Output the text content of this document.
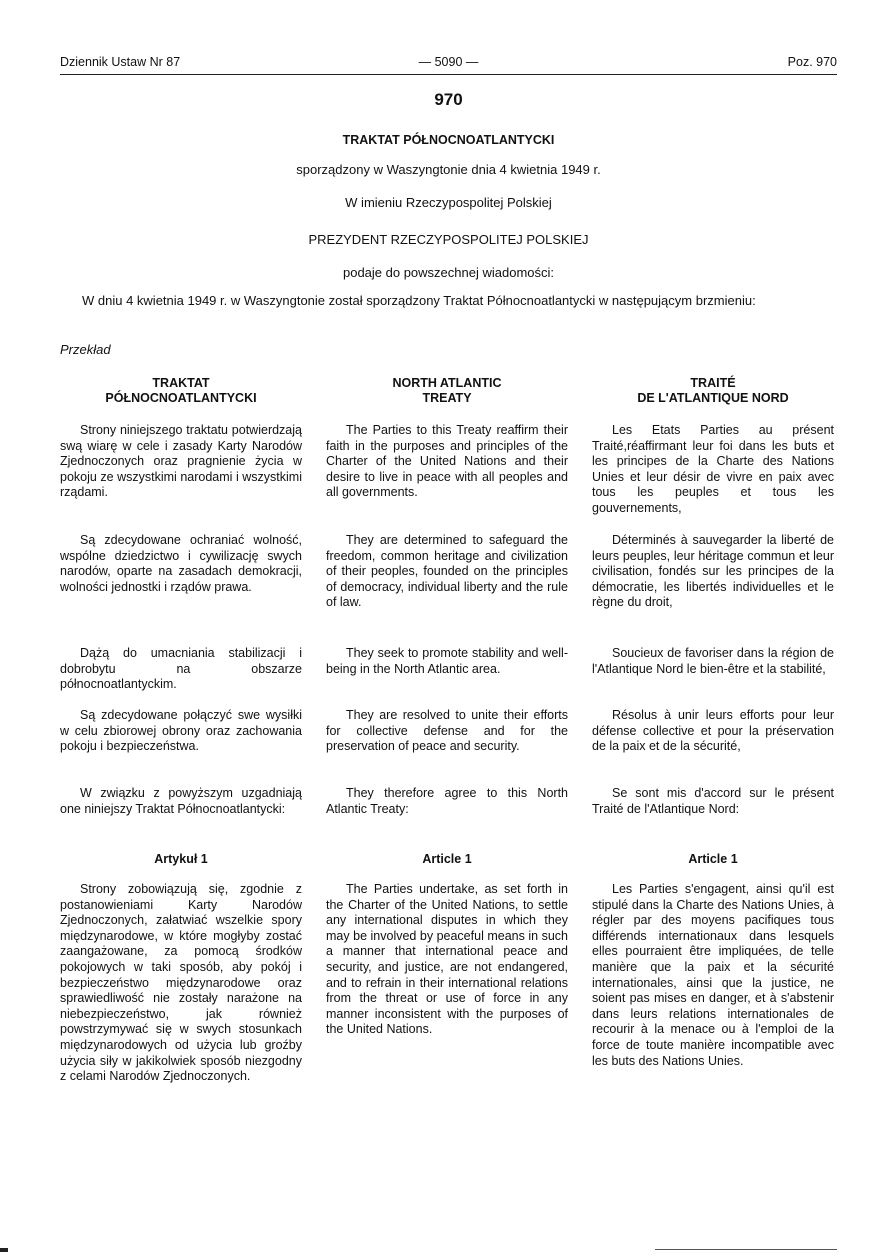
Dziennik Ustaw Nr 87	— 5090 —	Poz. 970
970
TRAKTAT PÓŁNOCNOATLANTYCKI
sporządzony w Waszyngtonie dnia 4 kwietnia 1949 r.
W imieniu Rzeczypospolitej Polskiej
PREZYDENT RZECZYPOSPOLITEJ POLSKIEJ
podaje do powszechnej wiadomości:
W dniu 4 kwietnia 1949 r. w Waszyngtonie został sporządzony Traktat Północnoatlantycki w następującym brzmieniu:
Przekład
TRAKTAT
PÓŁNOCNOATLANTYCKI

Strony niniejszego traktatu potwierdzają swą wiarę w cele i zasady Karty Narodów Zjednoczonych oraz pragnienie życia w pokoju ze wszystkimi narodami i wszystkimi rządami.

Są zdecydowane ochraniać wolność, wspólne dziedzictwo i cywilizację swych narodów, oparte na zasadach demokracji, wolności jednostki i rządów prawa.

Dążą do umacniania stabilizacji i dobrobytu na obszarze północnoatlantyckim.

Są zdecydowane połączyć swe wysiłki w celu zbiorowej obrony oraz zachowania pokoju i bezpieczeństwa.

W związku z powyższym uzgadniają one niniejszy Traktat Północnoatlantycki:

Artykuł 1

Strony zobowiązują się, zgodnie z postanowieniami Karty Narodów Zjednoczonych, załatwiać wszelkie spory międzynarodowe, w które mogłyby zostać zaangażowane, za pomocą środków pokojowych w taki sposób, aby pokój i bezpieczeństwo międzynarodowe oraz sprawiedliwość nie zostały narażone na niebezpieczeństwo, jak również powstrzymywać się w swych stosunkach międzynarodowych od użycia lub groźby użycia siły w jakikolwiek sposób niezgodny z celami Narodów Zjednoczonych.

NORTH ATLANTIC
TREATY

The Parties to this Treaty reaffirm their faith in the purposes and principles of the Charter of the United Nations and their desire to live in peace with all peoples and all governments.

They are determined to safeguard the freedom, common heritage and civilization of their peoples, founded on the principles of democracy, individual liberty and the rule of law.

They seek to promote stability and well-being in the North Atlantic area.

They are resolved to unite their efforts for collective defense and for the preservation of peace and security.

They therefore agree to this North Atlantic Treaty:

Article 1

The Parties undertake, as set forth in the Charter of the United Nations, to settle any international disputes in which they may be involved by peaceful means in such a manner that international peace and security, and justice, are not endangered, and to refrain in their international relations from the threat or use of force in any manner inconsistent with the purposes of the United Nations.

TRAITÉ
DE L'ATLANTIQUE NORD

Les Etats Parties au présent Traité,réaffirmant leur foi dans les buts et les principes de la Charte des Nations Unies et leur désir de vivre en paix avec tous les peuples et tous les gouvernements,

Déterminés à sauvegarder la liberté de leurs peuples, leur héritage commun et leur civilisation, fondés sur les principes de la démocratie, les libertés individuelles et le règne du droit,

Soucieux de favoriser dans la région de l'Atlantique Nord le bien-être et la stabilité,

Résolus à unir leurs efforts pour leur défense collective et pour la préservation de la paix et de la sécurité,

Se sont mis d'accord sur le présent Traité de l'Atlantique Nord:

Article 1

Les Parties s'engagent, ainsi qu'il est stipulé dans la Charte des Nations Unies, à régler par des moyens pacifiques tous différends internationaux dans lesquels elles pourraient être impliquées, de telle manière que la paix et la sécurité internationales, ainsi que la justice, ne soient pas mises en danger, et à s'abstenir dans leurs relations internationales de recourir à la menace ou à l'emploi de la force de toute manière incompatible avec les buts des Nations Unies.
